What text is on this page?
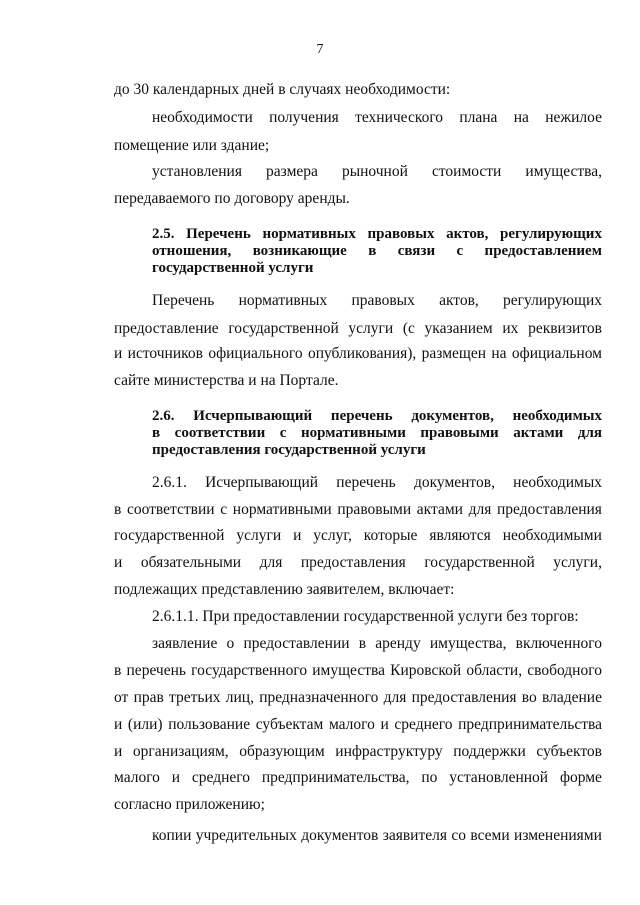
7
до 30 календарных дней в случаях необходимости:
необходимости получения технического плана на нежилое
помещение или здание;
установления размера рыночной стоимости имущества,
передаваемого по договору аренды.
2.5. Перечень нормативных правовых актов, регулирующих
отношения, возникающие в связи с предоставлением
государственной услуги
Перечень нормативных правовых актов, регулирующих
предоставление государственной услуги (с указанием их реквизитов
и источников официального опубликования), размещен на официальном
сайте министерства и на Портале.
2.6. Исчерпывающий перечень документов, необходимых
в соответствии с нормативными правовыми актами для
предоставления государственной услуги
2.6.1. Исчерпывающий перечень документов, необходимых
в соответствии с нормативными правовыми актами для предоставления
государственной услуги и услуг, которые являются необходимыми
и обязательными для предоставления государственной услуги,
подлежащих представлению заявителем, включает:
2.6.1.1. При предоставлении государственной услуги без торгов:
заявление о предоставлении в аренду имущества, включенного
в перечень государственного имущества Кировской области, свободного
от прав третьих лиц, предназначенного для предоставления во владение
и (или) пользование субъектам малого и среднего предпринимательства
и организациям, образующим инфраструктуру поддержки субъектов
малого и среднего предпринимательства, по установленной форме
согласно приложению;
копии учредительных документов заявителя со всеми изменениями
